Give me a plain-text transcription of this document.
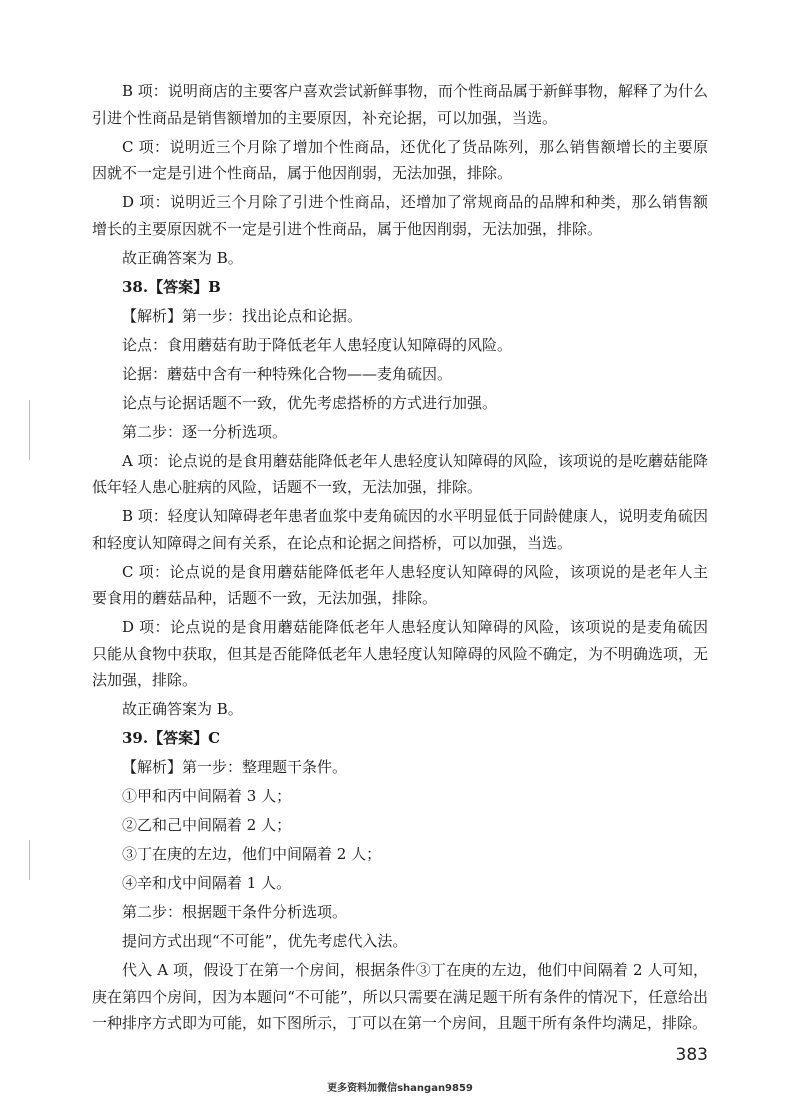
B 项：说明商店的主要客户喜欢尝试新鲜事物，而个性商品属于新鲜事物，解释了为什么引进个性商品是销售额增加的主要原因，补充论据，可以加强，当选。

C 项：说明近三个月除了增加个性商品，还优化了货品陈列，那么销售额增长的主要原因就不一定是引进个性商品，属于他因削弱，无法加强，排除。

D 项：说明近三个月除了引进个性商品，还增加了常规商品的品牌和种类，那么销售额增长的主要原因就不一定是引进个性商品，属于他因削弱，无法加强，排除。

故正确答案为 B。

38.【答案】B

【解析】第一步：找出论点和论据。

论点：食用蘑菇有助于降低老年人患轻度认知障碍的风险。

论据：蘑菇中含有一种特殊化合物——麦角硫因。

论点与论据话题不一致，优先考虑搭桥的方式进行加强。

第二步：逐一分析选项。

A 项：论点说的是食用蘑菇能降低老年人患轻度认知障碍的风险，该项说的是吃蘑菇能降低年轻人患心脏病的风险，话题不一致，无法加强，排除。

B 项：轻度认知障碍老年患者血浆中麦角硫因的水平明显低于同龄健康人，说明麦角硫因和轻度认知障碍之间有关系，在论点和论据之间搭桥，可以加强，当选。

C 项：论点说的是食用蘑菇能降低老年人患轻度认知障碍的风险，该项说的是老年人主要食用的蘑菇品种，话题不一致，无法加强，排除。

D 项：论点说的是食用蘑菇能降低老年人患轻度认知障碍的风险，该项说的是麦角硫因只能从食物中获取，但其是否能降低老年人患轻度认知障碍的风险不确定，为不明确选项，无法加强，排除。

故正确答案为 B。

39.【答案】C

【解析】第一步：整理题干条件。

①甲和丙中间隔着 3 人；

②乙和己中间隔着 2 人；

③丁在庚的左边，他们中间隔着 2 人；

④辛和戊中间隔着 1 人。

第二步：根据题干条件分析选项。

提问方式出现“不可能”，优先考虑代入法。

代入 A 项，假设丁在第一个房间，根据条件③丁在庚的左边，他们中间隔着 2 人可知，庚在第四个房间，因为本题问“不可能”，所以只需要在满足题干所有条件的情况下，任意给出一种排序方式即为可能，如下图所示，丁可以在第一个房间，且题干所有条件均满足，排除。

383
更多资料加微信shangan9859
